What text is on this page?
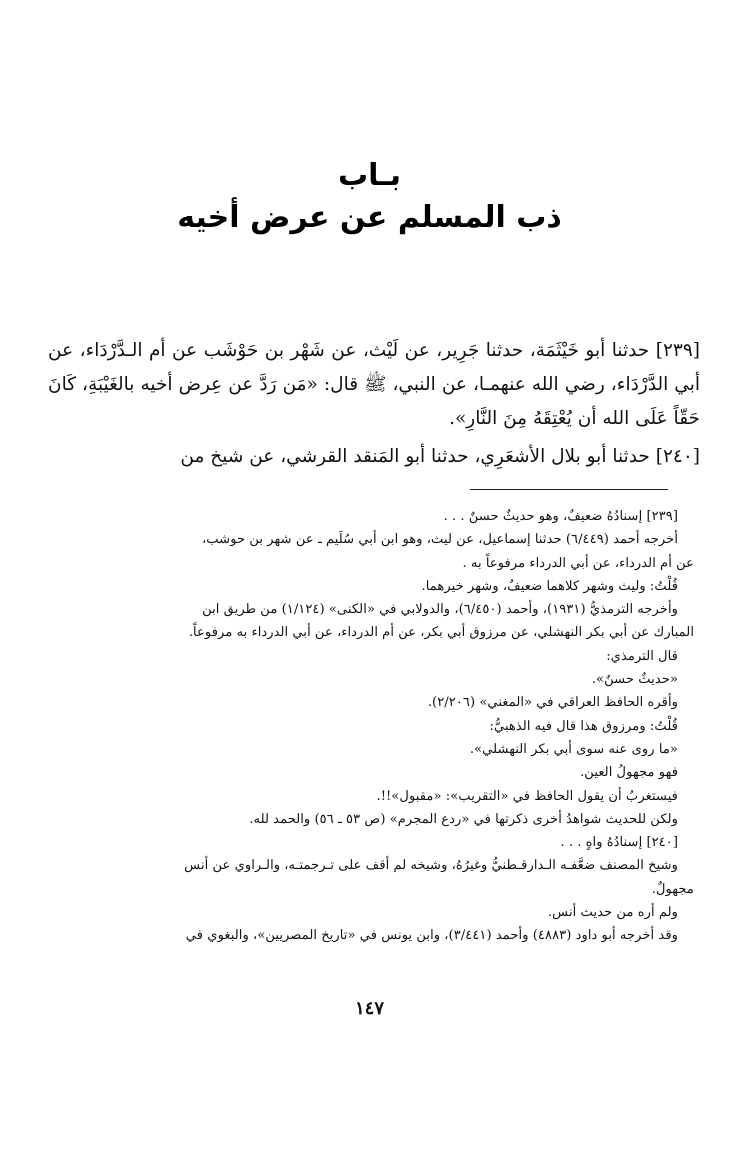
بـاب
ذب المسلم عن عرض أخيه
[٢٣٩] حدثنا أبو خَيْثَمَة، حدثنا جَرِير، عن لَيْث، عن شَهْر بن حَوْشَب عن أم الـدَّرْدَاء، عن أبي الدَّرْدَاء، رضي الله عنهمـا، عن النبي، ﷺ قال: «مَن رَدَّ عن عِرض أخيه بالغَيْبَةِ، كَانَ حَقّاً عَلَى الله أن يُعْتِقَهُ مِنَ النَّارِ».
[٢٤٠] حدثنا أبو بلال الأشعَرِي، حدثنا أبو المَنقد القرشي، عن شيخ من
[٢٣٩] إسنادُهُ ضعيفٌ، وهو حديثٌ حسنٌ . . .
أخرجه أحمد (٦/٤٤٩) حدثنا إسماعيل، عن ليث، وهو ابن أبي سُلَيم ـ عن شهر بن حوشب،
عن أم الدرداء، عن أبي الدرداء مرفوعاً به .
قُلْتُ: وليث وشهر كلاهما ضعيفٌ، وشهر خيرهما.
وأخرجه الترمذيُّ (١٩٣١)، وأحمد (٦/٤٥٠)، والدولابي في «الكنى» (١/١٢٤) من طريق ابن
المبارك عن أبي بكر النهشلي، عن مرزوق أبي بكر، عن أم الدرداء، عن أبي الدرداء به مرفوعاً.
قال الترمذي:
«حديثٌ حسنٌ».
وأقره الحافظ العراقي في «المغني» (٢/٢٠٦).
قُلْتُ: ومرزوق هذا قال فيه الذهبيُّ:
«ما روى عنه سوى أبي بكر النهشلي».
فهو مجهولُ العين.
فيستغربُ أن يقول الحافظ في «التقريب»: «مقبول»!!.
ولكن للحديث شواهدُ أخرى ذكرتها في «ردع المجرم» (ص ٥٣ ـ ٥٦) والحمد لله.
[٢٤٠] إسنادُهُ واهٍ . . .
وشيخ المصنف ضعَّفـه الـدارقـطنيُّ وغيرُهُ، وشيخه لم أقف على تـرجمتـه، والـراوي عن أنس
مجهولٌ.
ولم أره من حديث أنس.
وقد أخرجه أبو داود (٤٨٨٣) وأحمد (٣/٤٤١)، وابن يونس في «تاريخ المصريين»، والبغوي في
١٤٧
